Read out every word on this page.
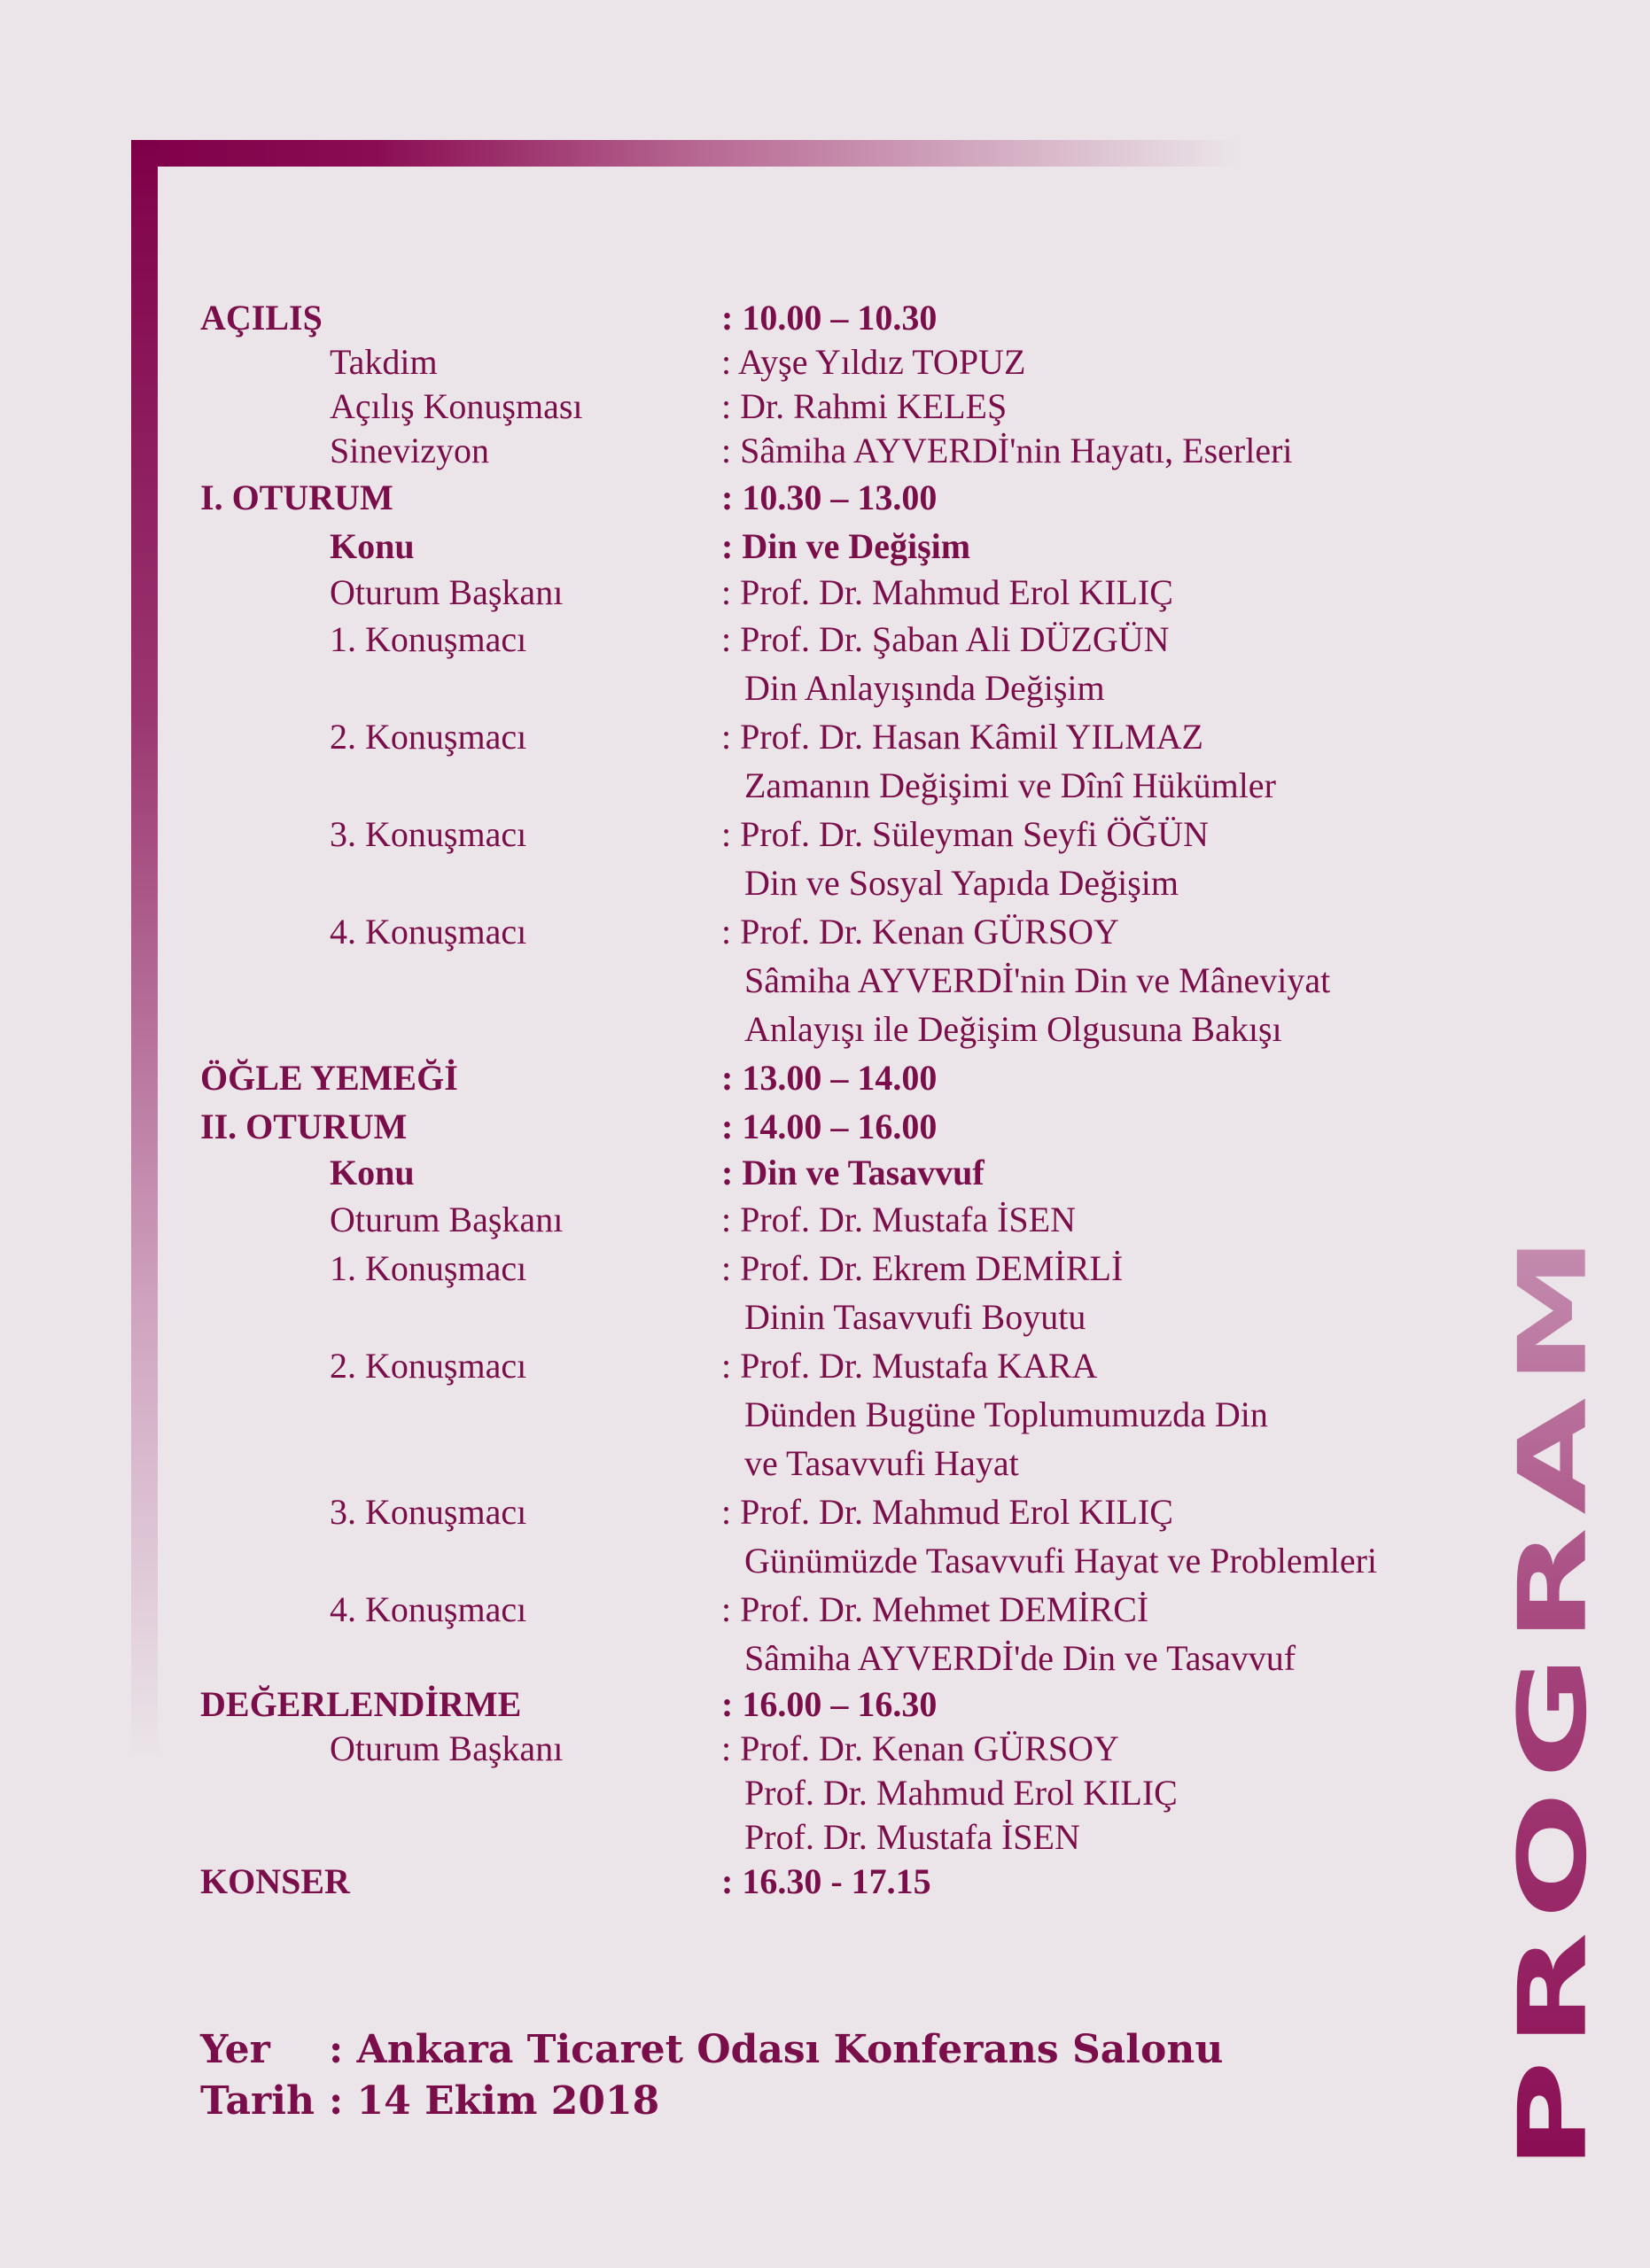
AÇILIŞ	: 10.00 – 10.30
Takdim	: Ayşe Yıldız TOPUZ
Açılış Konuşması	: Dr. Rahmi KELEŞ
Sinevizyon	: Sâmiha AYVERDİ'nin Hayatı, Eserleri
I. OTURUM	: 10.30 – 13.00
Konu	: Din ve Değişim
Oturum Başkanı	: Prof. Dr. Mahmud Erol KILIÇ
1. Konuşmacı	: Prof. Dr. Şaban Ali DÜZGÜN
Din Anlayışında Değişim
2. Konuşmacı	: Prof. Dr. Hasan Kâmil YILMAZ
Zamanın Değişimi ve Dînî Hükümler
3. Konuşmacı	: Prof. Dr. Süleyman Seyfi ÖĞÜN
Din ve Sosyal Yapıda Değişim
4. Konuşmacı	: Prof. Dr. Kenan GÜRSOY
Sâmiha AYVERDİ'nin Din ve Mâneviyat
Anlayışı ile Değişim Olgusuna Bakışı
ÖĞLE YEMEĞİ	: 13.00 – 14.00
II. OTURUM	: 14.00 – 16.00
Konu	: Din ve Tasavvuf
Oturum Başkanı	: Prof. Dr. Mustafa İSEN
1. Konuşmacı	: Prof. Dr. Ekrem DEMİRLİ
Dinin Tasavvufi Boyutu
2. Konuşmacı	: Prof. Dr. Mustafa KARA
Dünden Bugüne Toplumumuzda Din
ve Tasavvufi Hayat
3. Konuşmacı	: Prof. Dr. Mahmud Erol KILIÇ
Günümüzde Tasavvufi Hayat ve Problemleri
4. Konuşmacı	: Prof. Dr. Mehmet DEMİRCİ
Sâmiha AYVERDİ'de Din ve Tasavvuf
DEĞERLENDİRME	: 16.00 – 16.30
Oturum Başkanı	: Prof. Dr. Kenan GÜRSOY
Prof. Dr. Mahmud Erol KILIÇ
Prof. Dr. Mustafa İSEN
KONSER	: 16.30 - 17.15
Yer : Ankara Ticaret Odası Konferans Salonu
Tarih : 14 Ekim 2018	PROGRAM
